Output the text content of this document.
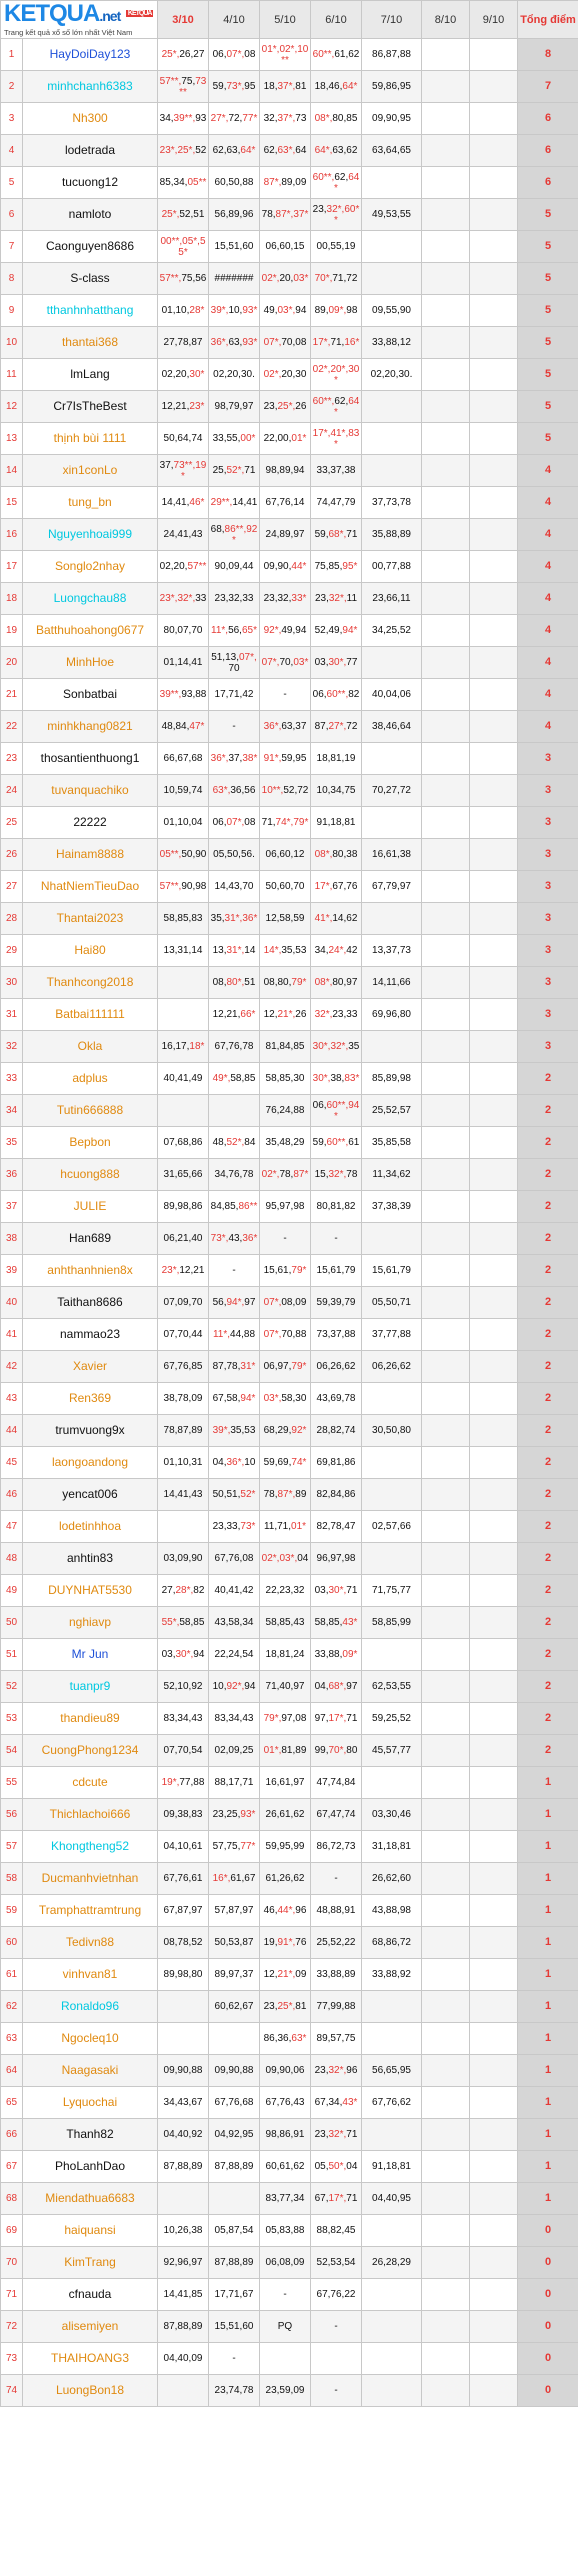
KETQUA.net $^{KETQUA}$
Trang kết quả xổ số lớn nhất Việt Nam		3/10	4/10	5/10	6/10	7/10	8/10	9/10	Tổng điểm
1	HayDoiDay123	25*,26,27	06,07*,08	01*,02*,10**	60**,61,62	86,87,88			8
2	minhchanh6383	57**,75,73**	59,73*,95	18,37*,81	18,46,64*	59,86,95			7
3	Nh300	34,39**,93	27*,72,77*	32,37*,73	08*,80,85	09,90,95			6
4	lodetrada	23*,25*,52	62,63,64*	62,63*,64	64*,63,62	63,64,65			6
5	tucuong12	85,34,05**	60,50,88	87*,89,09	60**,62,64*				6
6	namloto	25*,52,51	56,89,96	78,87*,37*	23,32*,60**	49,53,55			5
7	Caonguyen8686	00**,05*,55*	15,51,60	06,60,15	00,55,19				5
8	S-class	57**,75,56	#######	02*,20,03*	70*,71,72				5
9	tthanhnhatthang	01,10,28*	39*,10,93*	49,03*,94	89,09*,98	09,55,90			5
10	thantai368	27,78,87	36*,63,93*	07*,70,08	17*,71,16*	33,88,12			5
11	lmLang	02,20,30*	02,20,30.	02*,20,30	02*,20*,30*	02,20,30.			5
12	Cr7IsTheBest	12,21,23*	98,79,97	23,25*,26	60**,62,64*				5
13	thịnh bùi 1111	50,64,74	33,55,00*	22,00,01*	17*,41*,83*				5
14	xin1conLo	37,73**,19*	25,52*,71	98,89,94	33,37,38				4
15	tung_bn	14,41,46*	29**,14,41	67,76,14	74,47,79	37,73,78			4
16	Nguyenhoai999	24,41,43	68,86**,92*	24,89,97	59,68*,71	35,88,89			4
17	Songlo2nhay	02,20,57**	90,09,44	09,90,44*	75,85,95*	00,77,88			4
18	Luongchau88	23*,32*,33	23,32,33	23,32,33*	23,32*,11	23,66,11			4
19	Batthuhoahong0677	80,07,70	11*,56,65*	92*,49,94	52,49,94*	34,25,52			4
20	MinhHoe	01,14,41	51,13,07*,70	07*,70,03*	03,30*,77				4
21	Sonbatbai	39**,93,88	17,71,42	-	06,60**,82	40,04,06			4
22	minhkhang0821	48,84,47*	-	36*,63,37	87,27*,72	38,46,64			4
23	thosantienthuong1	66,67,68	36*,37,38*	91*,59,95	18,81,19				3
24	tuvanquachiko	10,59,74	63*,36,56	10**,52,72	10,34,75	70,27,72			3
25	22222	01,10,04	06,07*,08	71,74*,79*	91,18,81				3
26	Hainam8888	05**,50,90	05,50,56.	06,60,12	08*,80,38	16,61,38			3
27	NhatNiemTieuDao	57**,90,98	14,43,70	50,60,70	17*,67,76	67,79,97			3
28	Thantai2023	58,85,83	35,31*,36*	12,58,59	41*,14,62				3
29	Hai80	13,31,14	13,31*,14	14*,35,53	34,24*,42	13,37,73			3
30	Thanhcong2018		08,80*,51	08,80,79*	08*,80,97	14,11,66			3
31	Batbai111111		12,21,66*	12,21*,26	32*,23,33	69,96,80			3
32	Okla	16,17,18*	67,76,78	81,84,85	30*,32*,35				3
33	adplus	40,41,49	49*,58,85	58,85,30	30*,38,83*	85,89,98			2
34	Tutin666888			76,24,88	06,60**,94*	25,52,57			2
35	Bepbon	07,68,86	48,52*,84	35,48,29	59,60**,61	35,85,58			2
36	hcuong888	31,65,66	34,76,78	02*,78,87*	15,32*,78	11,34,62			2
37	JULIE	89,98,86	84,85,86**	95,97,98	80,81,82	37,38,39			2
38	Han689	06,21,40	73*,43,36*	-	-				2
39	anhthanhnien8x	23*,12,21	-	15,61,79*	15,61,79	15,61,79			2
40	Taithan8686	07,09,70	56,94*,97	07*,08,09	59,39,79	05,50,71			2
41	nammao23	07,70,44	11*,44,88	07*,70,88	73,37,88	37,77,88			2
42	Xavier	67,76,85	87,78,31*	06,97,79*	06,26,62	06,26,62			2
43	Ren369	38,78,09	67,58,94*	03*,58,30	43,69,78				2
44	trumvuong9x	78,87,89	39*,35,53	68,29,92*	28,82,74	30,50,80			2
45	laongoandong	01,10,31	04,36*,10	59,69,74*	69,81,86				2
46	yencat006	14,41,43	50,51,52*	78,87*,89	82,84,86				2
47	lodetinhhoa		23,33,73*	11,71,01*	82,78,47	02,57,66			2
48	anhtin83	03,09,90	67,76,08	02*,03*,04	96,97,98				2
49	DUYNHAT5530	27,28*,82	40,41,42	22,23,32	03,30*,71	71,75,77			2
50	nghiavp	55*,58,85	43,58,34	58,85,43	58,85,43*	58,85,99			2
51	Mr Jun	03,30*,94	22,24,54	18,81,24	33,88,09*				2
52	tuanpr9	52,10,92	10,92*,94	71,40,97	04,68*,97	62,53,55			2
53	thandieu89	83,34,43	83,34,43	79*,97,08	97,17*,71	59,25,52			2
54	CuongPhong1234	07,70,54	02,09,25	01*,81,89	99,70*,80	45,57,77			2
55	cdcute	19*,77,88	88,17,71	16,61,97	47,74,84				1
56	Thichlachoi666	09,38,83	23,25,93*	26,61,62	67,47,74	03,30,46			1
57	Khongtheng52	04,10,61	57,75,77*	59,95,99	86,72,73	31,18,81			1
58	Ducmanhvietnhan	67,76,61	16*,61,67	61,26,62	-	26,62,60			1
59	Tramphattramtrung	67,87,97	57,87,97	46,44*,96	48,88,91	43,88,98			1
60	Tedivn88	08,78,52	50,53,87	19,91*,76	25,52,22	68,86,72			1
61	vinhvan81	89,98,80	89,97,37	12,21*,09	33,88,89	33,88,92			1
62	Ronaldo96		60,62,67	23,25*,81	77,99,88				1
63	Ngocleq10			86,36,63*	89,57,75				1
64	Naagasaki	09,90,88	09,90,88	09,90,06	23,32*,96	56,65,95			1
65	Lyquochai	34,43,67	67,76,68	67,76,43	67,34,43*	67,76,62			1
66	Thanh82	04,40,92	04,92,95	98,86,91	23,32*,71				1
67	PhoLanhDao	87,88,89	87,88,89	60,61,62	05,50*,04	91,18,81			1
68	Miendathua6683			83,77,34	67,17*,71	04,40,95			1
69	haiquansi	10,26,38	05,87,54	05,83,88	88,82,45				0
70	KimTrang	92,96,97	87,88,89	06,08,09	52,53,54	26,28,29			0
71	cfnauda	14,41,85	17,71,67	-	67,76,22				0
72	alisemiyen	87,88,89	15,51,60	PQ	-				0
73	THAIHOANG3	04,40,09	-						0
74	LuongBon18		23,74,78	23,59,09	-				0
